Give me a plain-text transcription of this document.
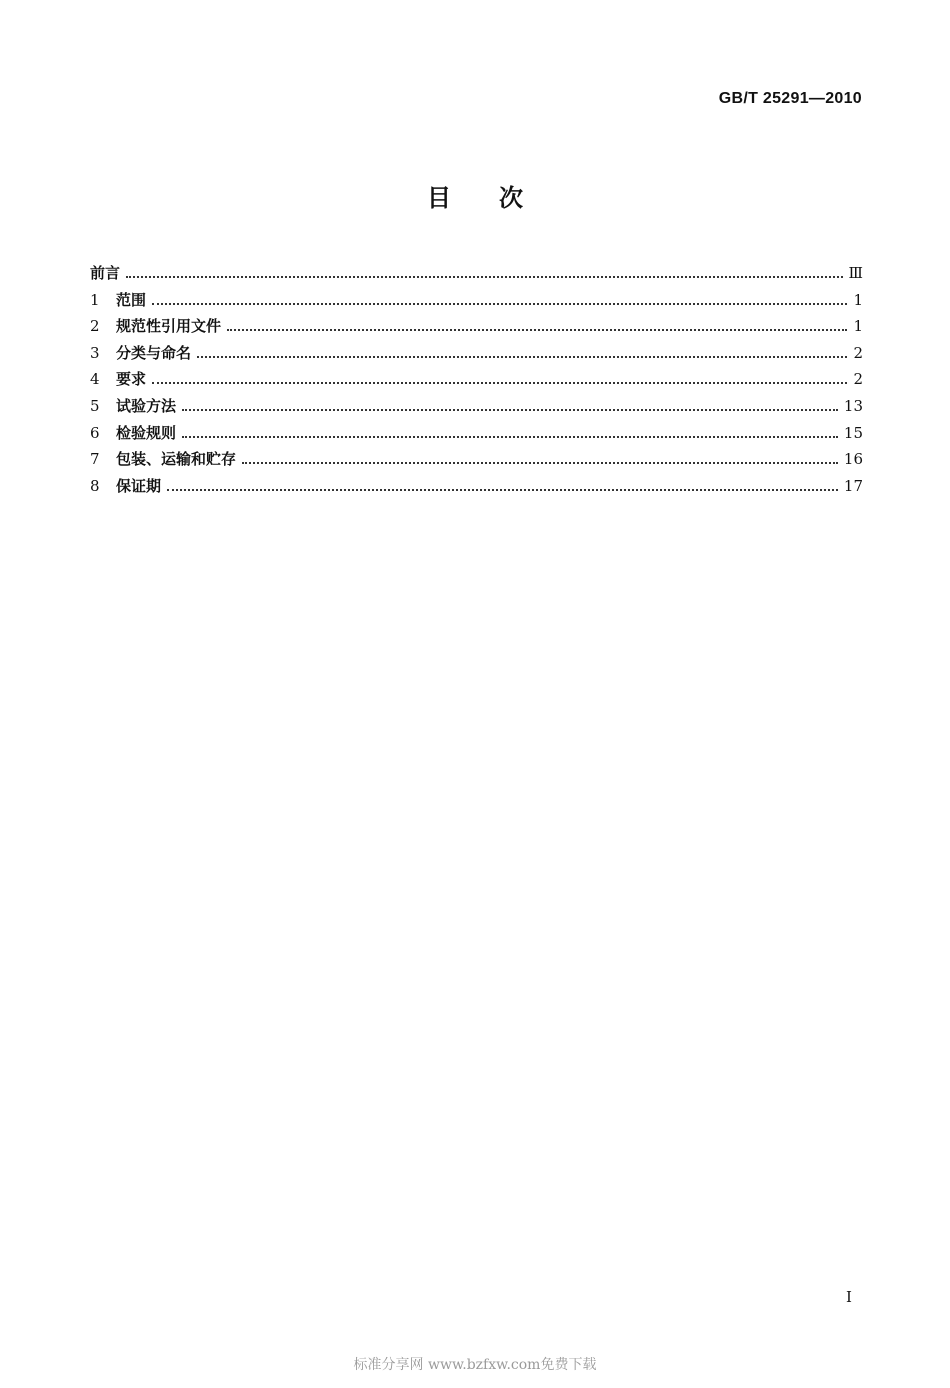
GB/T 25291—2010
目次
前言	Ⅲ
1	范围	1
2	规范性引用文件	1
3	分类与命名	2
4	要求	2
5	试验方法	13
6	检验规则	15
7	包装、运输和贮存	16
8	保证期	17
I
标准分享网 www.bzfxw.com免费下载
